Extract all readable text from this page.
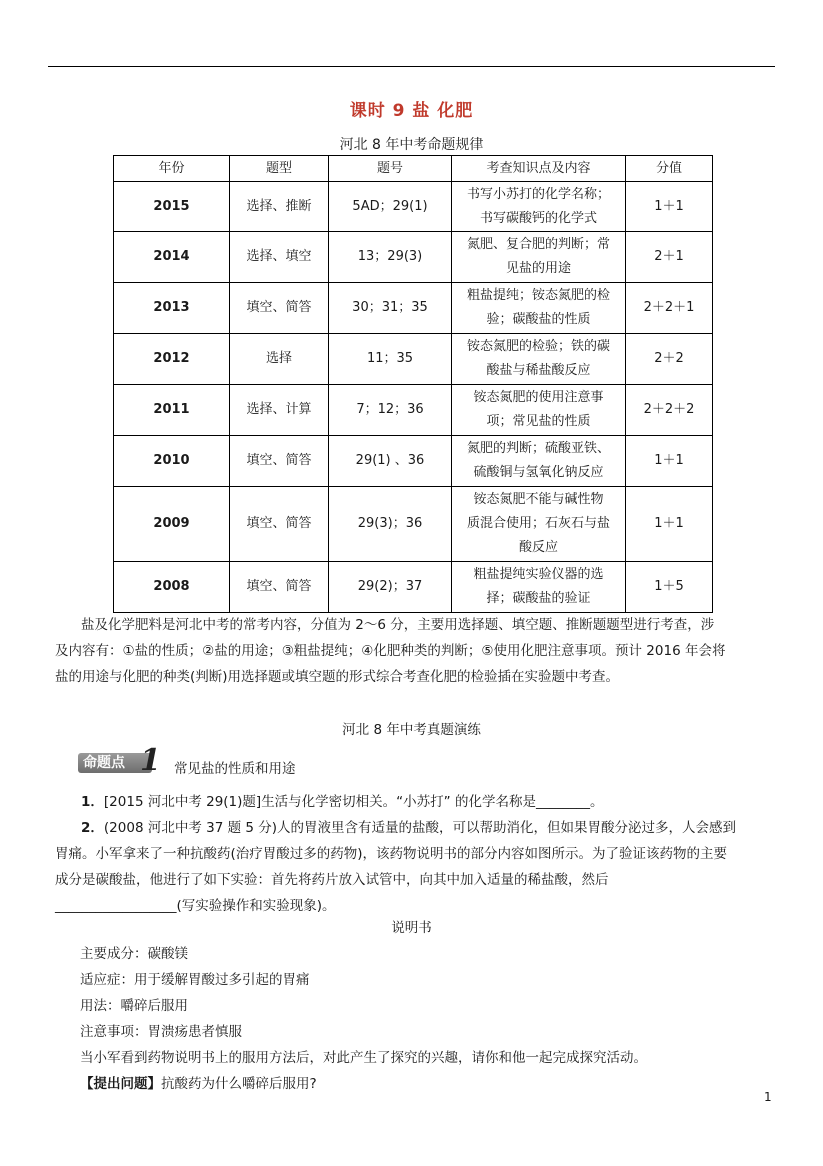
课时 9 盐 化肥
河北 8 年中考命题规律
年份	题型	题号	考查知识点及内容	分值
2015	选择、推断	5AD；29(1)	书写小苏打的化学名称；
书写碳酸钙的化学式	1＋1
2014	选择、填空	13；29(3)	氮肥、复合肥的判断；常
见盐的用途	2＋1
2013	填空、简答	30；31；35	粗盐提纯；铵态氮肥的检
验；碳酸盐的性质	2＋2＋1
2012	选择	11；35	铵态氮肥的检验；铁的碳
酸盐与稀盐酸反应	2＋2
2011	选择、计算	7；12；36	铵态氮肥的使用注意事
项；常见盐的性质	2＋2＋2
2010	填空、简答	29(1) 、36	氮肥的判断；硫酸亚铁、
硫酸铜与氢氧化钠反应	1＋1
2009	填空、简答	29(3)；36	铵态氮肥不能与碱性物
质混合使用；石灰石与盐
酸反应	1＋1
2008	填空、简答	29(2)；37	粗盐提纯实验仪器的选
择；碳酸盐的验证	1＋5
盐及化学肥料是河北中考的常考内容，分值为 2～6 分，主要用选择题、填空题、推断题题型进行考查，涉
及内容有：①盐的性质；②盐的用途；③粗盐提纯；④化肥种类的判断；⑤使用化肥注意事项。预计 2016 年会将
盐的用途与化肥的种类(判断)用选择题或填空题的形式综合考查化肥的检验插在实验题中考查。
河北 8 年中考真题演练
命题点 1 常见盐的性质和用途
1．[2015 河北中考 29(1)题]生活与化学密切相关。“小苏打” 的化学名称是________。
2．(2008 河北中考 37 题 5 分)人的胃液里含有适量的盐酸，可以帮助消化，但如果胃酸分泌过多，人会感到
胃痛。小军拿来了一种抗酸药(治疗胃酸过多的药物)，该药物说明书的部分内容如图所示。为了验证该药物的主要
成分是碳酸盐，他进行了如下实验：首先将药片放入试管中，向其中加入适量的稀盐酸，然后
__________________(写实验操作和实验现象)。
说明书
主要成分：碳酸镁
适应症：用于缓解胃酸过多引起的胃痛
用法：嚼碎后服用
注意事项：胃溃疡患者慎服
当小军看到药物说明书上的服用方法后，对此产生了探究的兴趣，请你和他一起完成探究活动。
【提出问题】抗酸药为什么嚼碎后服用?
1
